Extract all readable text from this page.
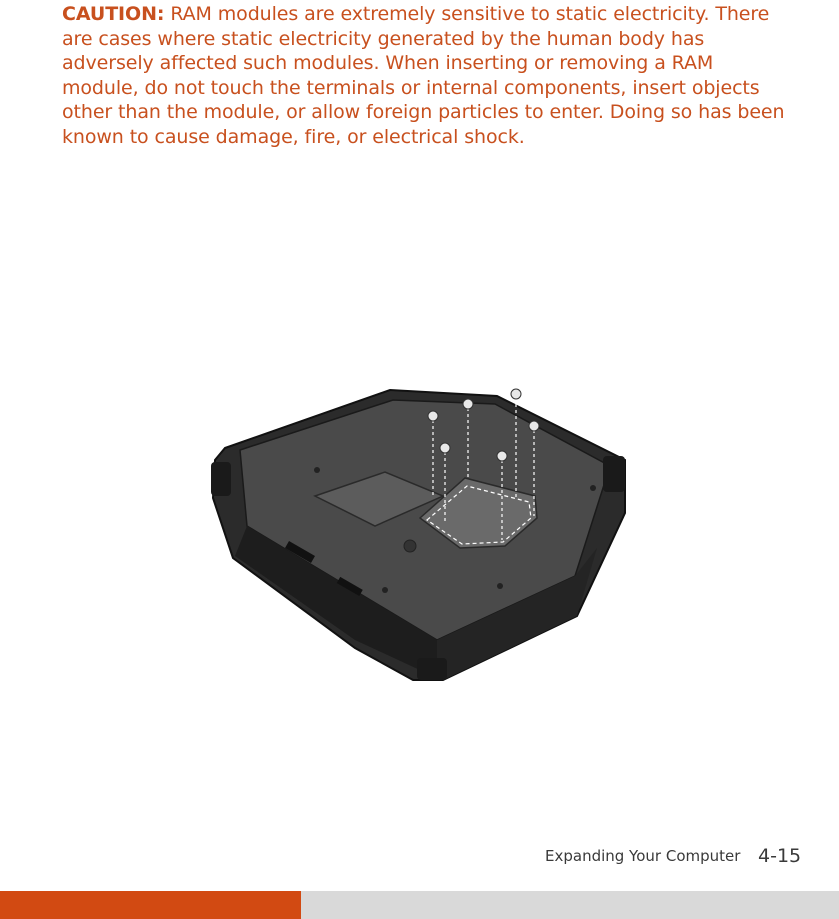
CAUTION: RAM modules are extremely sensitive to static electricity. There are cases where static electricity generated by the human body has adversely affected such modules. When inserting or removing a RAM module, do not touch the terminals or internal components, insert objects other than the module, or allow foreign particles to enter. Doing so has been known to cause damage, fire, or electrical shock.
Expanding Your Computer 4-15
